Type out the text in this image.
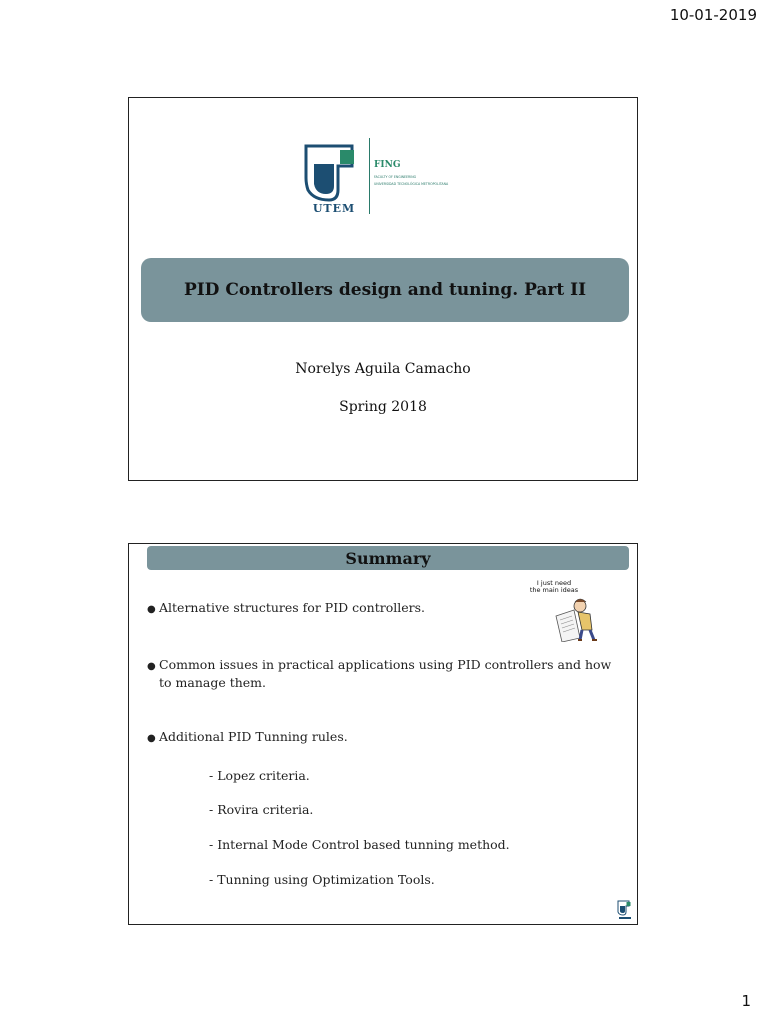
10-01-2019
UTEM
FING
FACULTY OF ENGINEERING
UNIVERSIDAD TECNOLÓGICA METROPOLITANA
PID Controllers design and tuning. Part II
Norelys Aguila Camacho
Spring 2018
Summary
I just need
the main ideas
● Alternative structures for PID controllers.
● Common issues in practical applications using PID controllers and how to manage them.
● Additional PID Tunning rules.
- Lopez criteria.
- Rovira criteria.
- Internal Mode Control based tunning method.
- Tunning using Optimization Tools.
1
